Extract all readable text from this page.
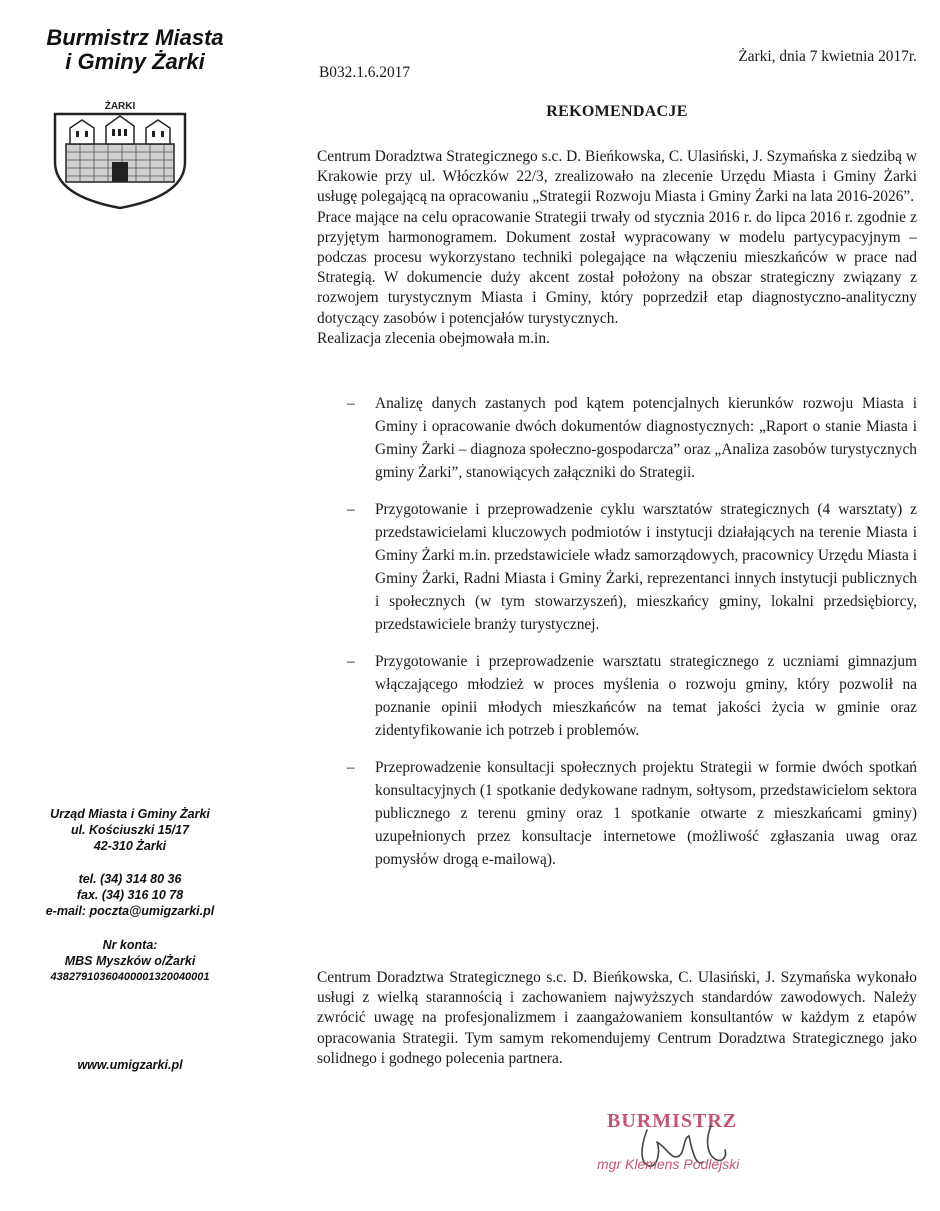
Burmistrz Miasta
i Gminy Żarki
ŻARKI
Urząd Miasta i Gminy Żarki
ul. Kościuszki 15/17
42-310 Żarki
tel. (34) 314 80 36
fax. (34) 316 10 78
e-mail: poczta@umigzarki.pl
Nr konta:
MBS Myszków o/Żarki
43827910360400001320040001
www.umigzarki.pl
Żarki, dnia 7 kwietnia 2017r.
B032.1.6.2017
REKOMENDACJE

Centrum Doradztwa Strategicznego s.c. D. Bieńkowska, C. Ulasiński, J. Szymańska z siedzibą w Krakowie przy ul. Włóczków 22/3, zrealizowało na zlecenie Urzędu Miasta i Gminy Żarki usługę polegającą na opracowaniu „Strategii Rozwoju Miasta i Gminy Żarki na lata 2016-2026”.

Prace mające na celu opracowanie Strategii trwały od stycznia 2016 r. do lipca 2016 r. zgodnie z przyjętym harmonogramem. Dokument został wypracowany w modelu partycypacyjnym – podczas procesu wykorzystano techniki polegające na włączeniu mieszkańców w prace nad Strategią. W dokumencie duży akcent został położony na obszar strategiczny związany z rozwojem turystycznym Miasta i Gminy, który poprzedził etap diagnostyczno-analityczny dotyczący zasobów i potencjałów turystycznych.

Realizacja zlecenia obejmowała m.in.

– Analizę danych zastanych pod kątem potencjalnych kierunków rozwoju Miasta i Gminy i opracowanie dwóch dokumentów diagnostycznych: „Raport o stanie Miasta i Gminy Żarki – diagnoza społeczno-gospodarcza” oraz „Analiza zasobów turystycznych gminy Żarki”, stanowiących załączniki do Strategii.
– Przygotowanie i przeprowadzenie cyklu warsztatów strategicznych (4 warsztaty) z przedstawicielami kluczowych podmiotów i instytucji działających na terenie Miasta i Gminy Żarki m.in. przedstawiciele władz samorządowych, pracownicy Urzędu Miasta i Gminy Żarki, Radni Miasta i Gminy Żarki, reprezentanci innych instytucji publicznych i społecznych (w tym stowarzyszeń), mieszkańcy gminy, lokalni przedsiębiorcy, przedstawiciele branży turystycznej.
– Przygotowanie i przeprowadzenie warsztatu strategicznego z uczniami gimnazjum włączającego młodzież w proces myślenia o rozwoju gminy, który pozwolił na poznanie opinii młodych mieszkańców na temat jakości życia w gminie oraz zidentyfikowanie ich potrzeb i problemów.
– Przeprowadzenie konsultacji społecznych projektu Strategii w formie dwóch spotkań konsultacyjnych (1 spotkanie dedykowane radnym, sołtysom, przedstawicielom sektora publicznego z terenu gminy oraz 1 spotkanie otwarte z mieszkańcami gminy) uzupełnionych przez konsultacje internetowe (możliwość zgłaszania uwag oraz pomysłów drogą e-mailową).

Centrum Doradztwa Strategicznego s.c. D. Bieńkowska, C. Ulasiński, J. Szymańska wykonało usługi z wielką starannością i zachowaniem najwyższych standardów zawodowych. Należy zwrócić uwagę na profesjonalizmem i zaangażowaniem konsultantów w każdym z etapów opracowania Strategii. Tym samym rekomendujemy Centrum Doradztwa Strategicznego jako solidnego i godnego polecenia partnera.

BURMISTRZ
mgr Klemens Podlejski
